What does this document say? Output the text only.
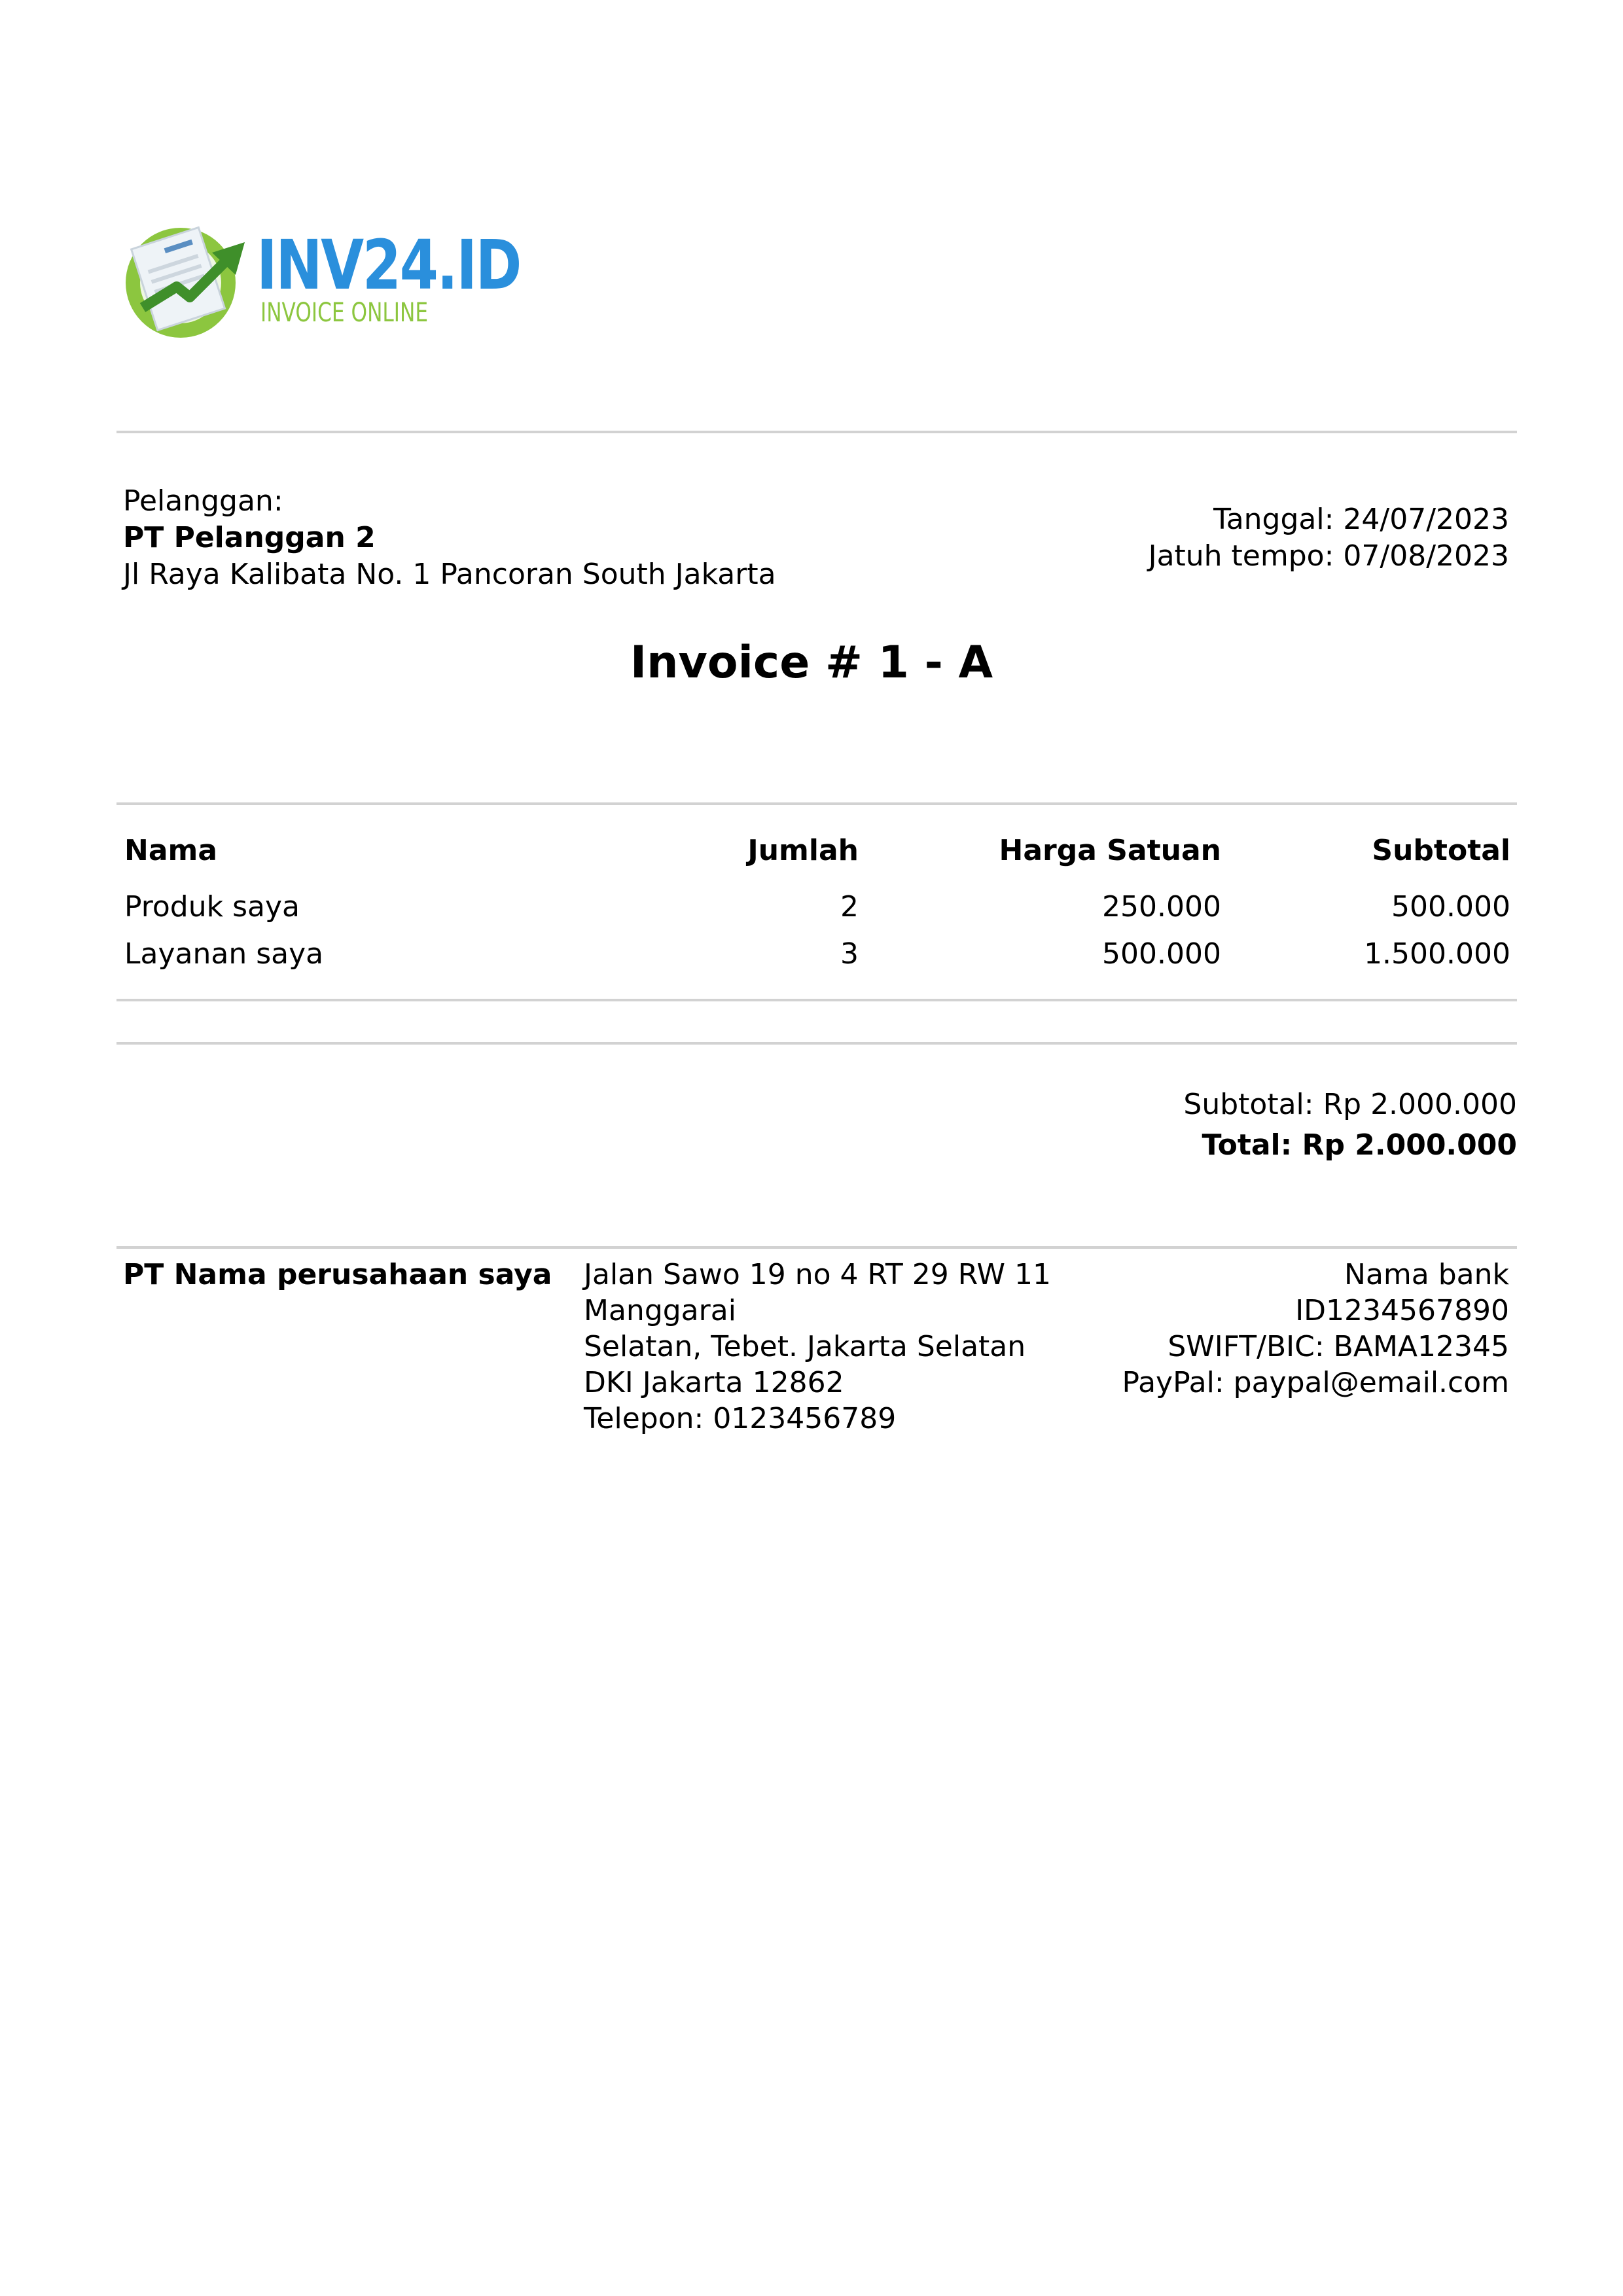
INV24.ID
INVOICE ONLINE
Pelanggan:
PT Pelanggan 2
Jl Raya Kalibata No. 1 Pancoran South Jakarta
Tanggal: 24/07/2023
Jatuh tempo: 07/08/2023
Invoice # 1 - A
Nama	Jumlah	Harga Satuan	Subtotal
Produk saya	2	250.000	500.000
Layanan saya	3	500.000	1.500.000
Subtotal: Rp 2.000.000
Total: Rp 2.000.000
PT Nama perusahaan saya Jalan Sawo 19 no 4 RT 29 RW 11
Manggarai
Selatan, Tebet. Jakarta Selatan
DKI Jakarta 12862
Telepon: 0123456789
Nama bank
ID1234567890
SWIFT/BIC: BAMA12345
PayPal: paypal@email.com
